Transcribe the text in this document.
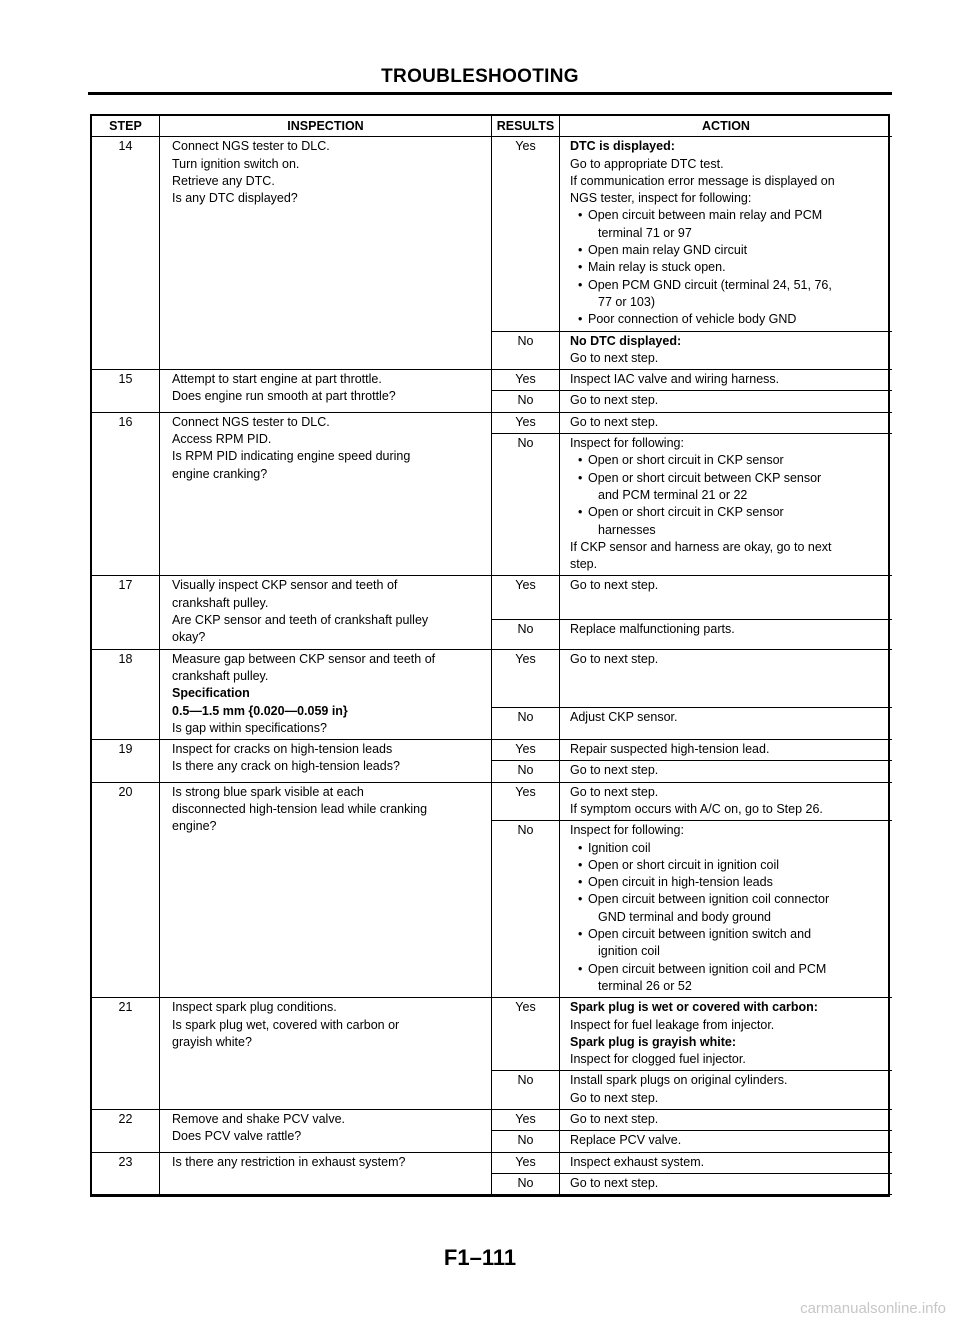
TROUBLESHOOTING
STEP	INSPECTION	RESULTS	ACTION
14	Connect NGS tester to DLC.
Turn ignition switch on.
Retrieve any DTC.
Is any DTC displayed?
Yes	DTC is displayed:
Go to appropriate DTC test.
If communication error message is displayed on
NGS tester, inspect for following:
• Open circuit between main relay and PCM
terminal 71 or 97
• Open main relay GND circuit
• Main relay is stuck open.
• Open PCM GND circuit (terminal 24, 51, 76,
77 or 103)
• Poor connection of vehicle body GND
No	No DTC displayed:
Go to next step.
15	Attempt to start engine at part throttle.
Does engine run smooth at part throttle?
Yes	Inspect IAC valve and wiring harness.
No	Go to next step.
16	Connect NGS tester to DLC.
Access RPM PID.
Is RPM PID indicating engine speed during
engine cranking?
Yes	Go to next step.
No	Inspect for following:
• Open or short circuit in CKP sensor
• Open or short circuit between CKP sensor
and PCM terminal 21 or 22
• Open or short circuit in CKP sensor
harnesses
If CKP sensor and harness are okay, go to next
step.
17	Visually inspect CKP sensor and teeth of
crankshaft pulley.
Are CKP sensor and teeth of crankshaft pulley
okay?
Yes	Go to next step.
No	Replace malfunctioning parts.
18	Measure gap between CKP sensor and teeth of
crankshaft pulley.
Specification
0.5—1.5 mm {0.020—0.059 in}
Is gap within specifications?
Yes	Go to next step.
No	Adjust CKP sensor.
19	Inspect for cracks on high-tension leads
Is there any crack on high-tension leads?
Yes	Repair suspected high-tension lead.
No	Go to next step.
20	Is strong blue spark visible at each
disconnected high-tension lead while cranking
engine?
Yes	Go to next step.
If symptom occurs with A/C on, go to Step 26.
No	Inspect for following:
• Ignition coil
• Open or short circuit in ignition coil
• Open circuit in high-tension leads
• Open circuit between ignition coil connector
GND terminal and body ground
• Open circuit between ignition switch and
ignition coil
• Open circuit between ignition coil and PCM
terminal 26 or 52
21	Inspect spark plug conditions.
Is spark plug wet, covered with carbon or
grayish white?
Yes	Spark plug is wet or covered with carbon:
Inspect for fuel leakage from injector.
Spark plug is grayish white:
Inspect for clogged fuel injector.
No	Install spark plugs on original cylinders.
Go to next step.
22	Remove and shake PCV valve.
Does PCV valve rattle?
Yes	Go to next step.
No	Replace PCV valve.
23	Is there any restriction in exhaust system?	Yes	Inspect exhaust system.
No	Go to next step.
F1–111
carmanualsonline.info
